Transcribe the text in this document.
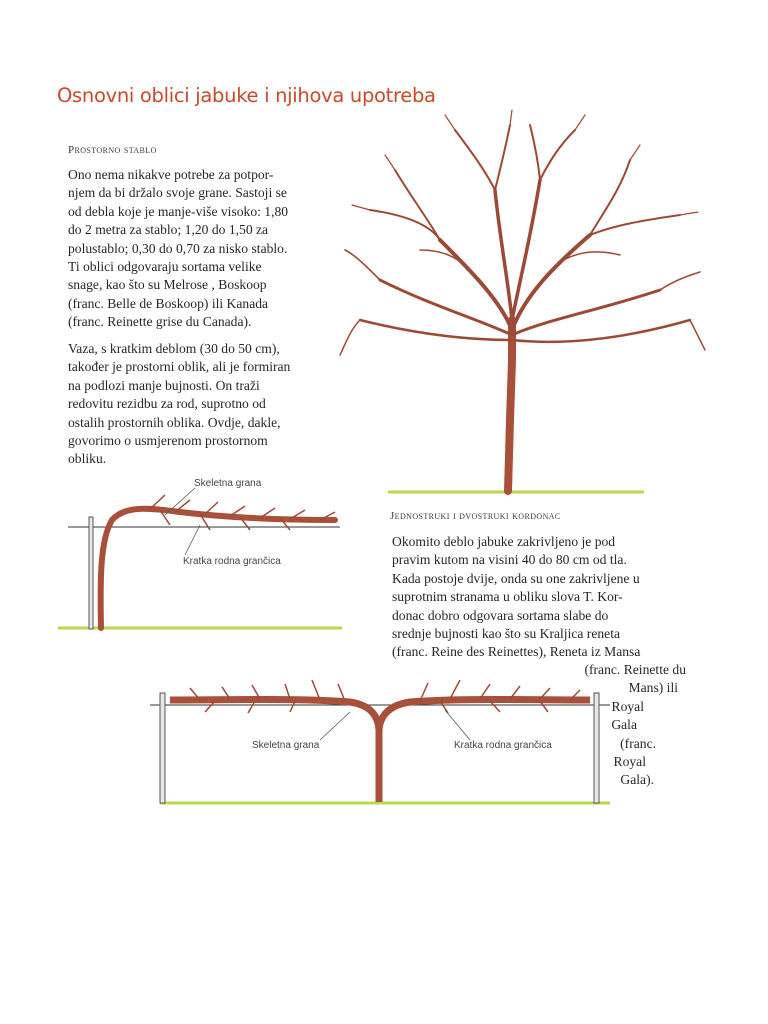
Osnovni oblici jabuke i njihova upotreba
Prostorno stablo

Ono nema nikakve potrebe za potpor-
njem da bi držalo svoje grane. Sastoji se
od debla koje je manje-više visoko: 1,80
do 2 metra za stablo; 1,20 do 1,50 za
polustablo; 0,30 do 0,70 za nisko stablo.
Ti oblici odgovaraju sortama velike
snage, kao što su Melrose , Boskoop
(franc. Belle de Boskoop) ili Kanada
(franc. Reinette grise du Canada).

Vaza, s kratkim deblom (30 do 50 cm),
također je prostorni oblik, ali je formiran
na podlozi manje bujnosti. On traži
redovitu rezidbu za rod, suprotno od
ostalih prostornih oblika. Ovdje, dakle,
govorimo o usmjerenom prostornom
obliku.

Jednostruki i dvostruki kordonac

Okomito deblo jabuke zakrivljeno je pod
pravim kutom na visini 40 do 80 cm od tla.
Kada postoje dvije, onda su one zakrivljene u
suprotnim stranama u obliku slova T. Kor-
donac dobro odgovara sortama slabe do
srednje bujnosti kao što su Kraljica reneta
(franc. Reine des Reinettes), Reneta iz Mansa

(franc. Reinette du
Mans) ili
Royal
Gala
(franc.
Royal
Gala).

Skeletna grana
Kratka rodna grančica
Skeletna grana	Kratka rodna grančica
